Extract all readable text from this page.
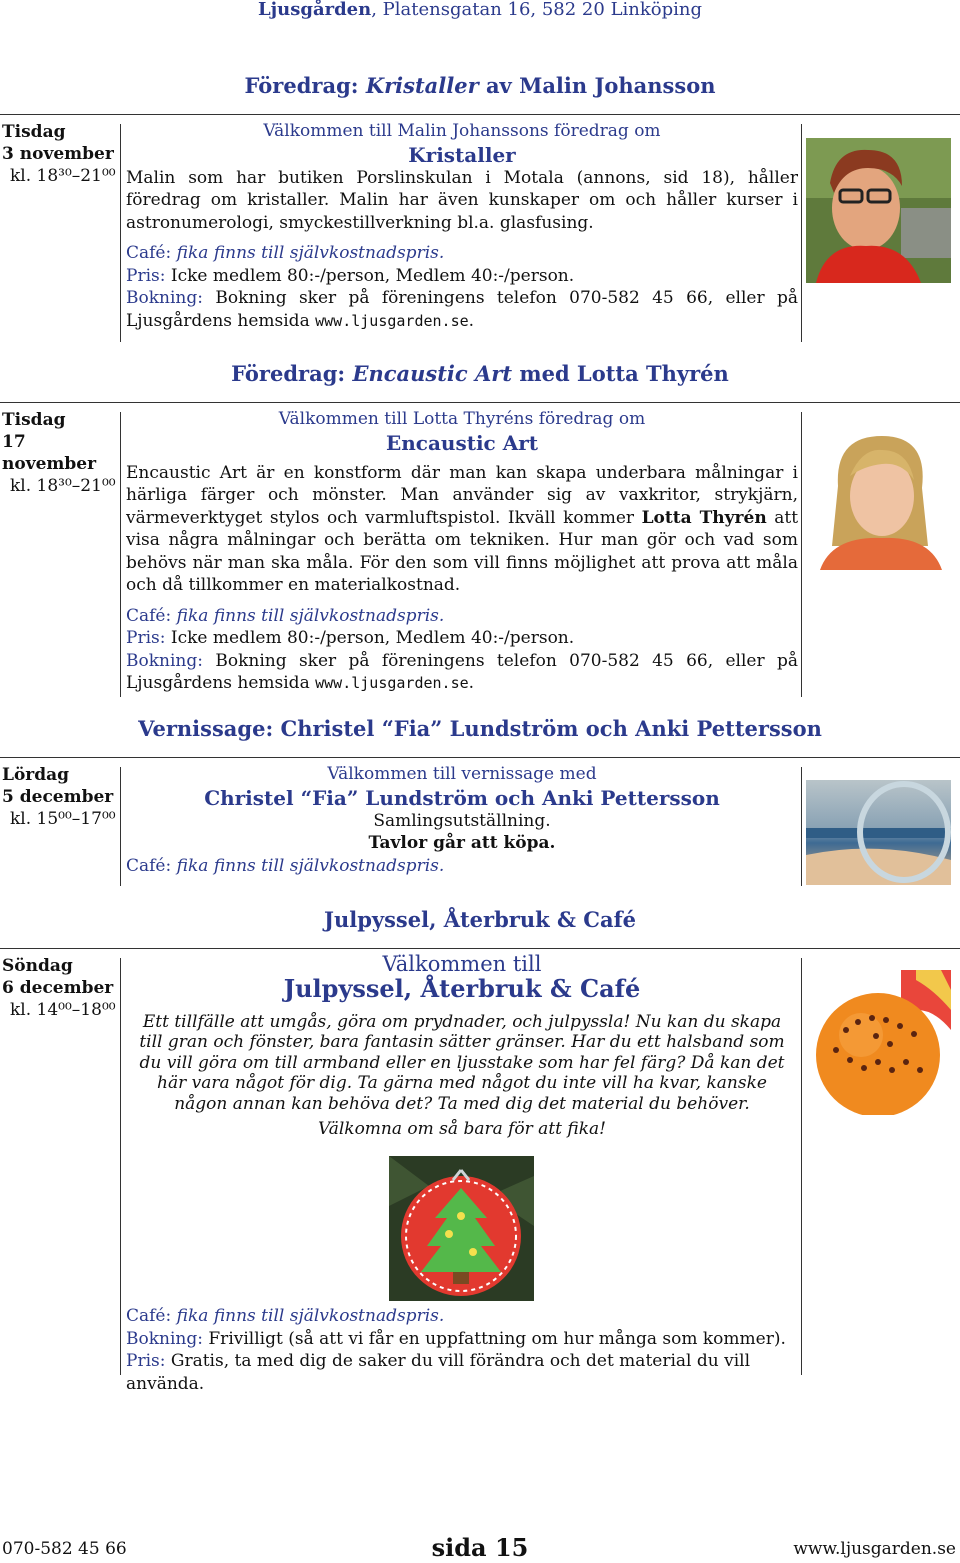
Ljusgården, Platensgatan 16, 582 20 Linköping
Föredrag: Kristaller av Malin Johansson
Tisdag
3 november
kl. 18³⁰–21⁰⁰
Välkommen till Malin Johanssons föredrag om
Kristaller

Malin som har butiken Porslinskulan i Motala (annons, sid 18), håller föredrag om kristaller. Malin har även kunskaper om och håller kurser i astronumerologi, smyckestillverkning bl.a. glasfusing.

Café: fika finns till självkostnadspris.
Pris: Icke medlem 80:-/person, Medlem 40:-/person.

Bokning: Bokning sker på föreningens telefon 070-582 45 66, eller på Ljusgårdens hemsida www.ljusgarden.se.

Föredrag: Encaustic Art med Lotta Thyrén
Tisdag
17 november
kl. 18³⁰–21⁰⁰
Välkommen till Lotta Thyréns föredrag om
Encaustic Art

Encaustic Art är en konstform där man kan skapa underbara målningar i härliga färger och mönster. Man använder sig av vaxkritor, strykjärn, värmeverktyget stylos och varmluftspistol. Ikväll kommer Lotta Thyrén att visa några målningar och berätta om tekniken. Hur man gör och vad som behövs när man ska måla. För den som vill finns möjlighet att prova att måla och då tillkommer en materialkostnad.

Café: fika finns till självkostnadspris.
Pris: Icke medlem 80:-/person, Medlem 40:-/person.

Bokning: Bokning sker på föreningens telefon 070-582 45 66, eller på Ljusgårdens hemsida www.ljusgarden.se.

Vernissage: Christel “Fia” Lundström och Anki Pettersson
Lördag
5 december
kl. 15⁰⁰–17⁰⁰
Välkommen till vernissage med
Christel “Fia” Lundström och Anki Pettersson
Samlingsutställning.
Tavlor går att köpa.
Café: fika finns till självkostnadspris.
Julpyssel, Återbruk & Café
Söndag
6 december
kl. 14⁰⁰–18⁰⁰
Välkommen till
Julpyssel, Återbruk & Café

Ett tillfälle att umgås, göra om prydnader, och julpyssla! Nu kan du skapa till gran och fönster, bara fantasin sätter gränser. Har du ett halsband som du vill göra om till armband eller en ljusstake som har fel färg? Då kan det här vara något för dig. Ta gärna med något du inte vill ha kvar, kanske någon annan kan behöva det? Ta med dig det material du behöver.

Välkomna om så bara för att fika!
Café: fika finns till självkostnadspris.
Bokning: Frivilligt (så att vi får en uppfattning om hur många som kommer).
Pris: Gratis, ta med dig de saker du vill förändra och det material du vill använda.
070-582 45 66	sida 15	www.ljusgarden.se
